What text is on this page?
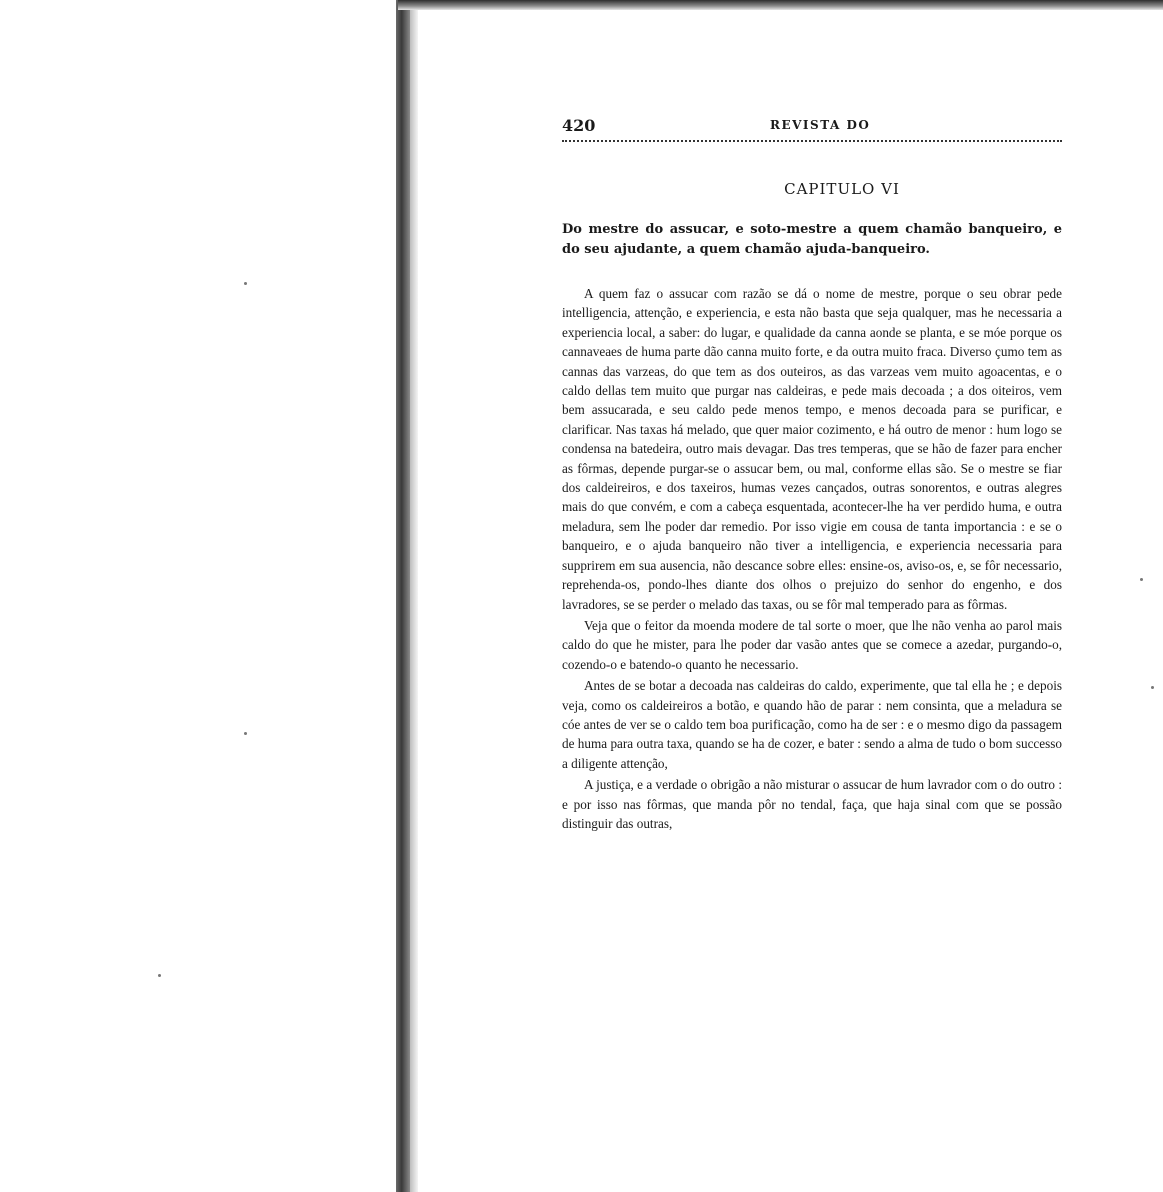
420	REVISTA DO
CAPITULO VI
Do mestre do assucar, e soto-mestre a quem chamão banqueiro, e do seu ajudante, a quem chamão ajuda-banqueiro.

A quem faz o assucar com razão se dá o nome de mestre, porque o seu obrar pede intelligencia, attenção, e experiencia, e esta não basta que seja qualquer, mas he necessaria a experiencia local, a saber: do lugar, e qualidade da canna aonde se planta, e se móe porque os cannaveaes de huma parte dão canna muito forte, e da outra muito fraca. Diverso çumo tem as cannas das varzeas, do que tem as dos outeiros, as das varzeas vem muito agoacentas, e o caldo dellas tem muito que purgar nas caldeiras, e pede mais decoada ; a dos oiteiros, vem bem assucarada, e seu caldo pede menos tempo, e menos decoada para se purificar, e clarificar. Nas taxas há melado, que quer maior cozimento, e há outro de menor : hum logo se condensa na batedeira, outro mais devagar. Das tres temperas, que se hão de fazer para encher as fôrmas, depende purgar-se o assucar bem, ou mal, conforme ellas são. Se o mestre se fiar dos caldeireiros, e dos taxeiros, humas vezes cançados, outras sonorentos, e outras alegres mais do que convém, e com a cabeça esquentada, acontecer-lhe ha ver perdido huma, e outra meladura, sem lhe poder dar remedio. Por isso vigie em cousa de tanta importancia : e se o banqueiro, e o ajuda banqueiro não tiver a intelligencia, e experiencia necessaria para supprirem em sua ausencia, não descance sobre elles: ensine-os, aviso-os, e, se fôr necessario, reprehenda-os, pondo-lhes diante dos olhos o prejuizo do senhor do engenho, e dos lavradores, se se perder o melado das taxas, ou se fôr mal temperado para as fôrmas.

Veja que o feitor da moenda modere de tal sorte o moer, que lhe não venha ao parol mais caldo do que he mister, para lhe poder dar vasão antes que se comece a azedar, purgando-o, cozendo-o e batendo-o quanto he necessario.

Antes de se botar a decoada nas caldeiras do caldo, experimente, que tal ella he ; e depois veja, como os caldeireiros a botão, e quando hão de parar : nem consinta, que a meladura se cóe antes de ver se o caldo tem boa purificação, como ha de ser : e o mesmo digo da passagem de huma para outra taxa, quando se ha de cozer, e bater : sendo a alma de tudo o bom successo a diligente attenção,

A justiça, e a verdade o obrigão a não misturar o assucar de hum lavrador com o do outro : e por isso nas fôrmas, que manda pôr no tendal, faça, que haja sinal com que se possão distinguir das outras,
